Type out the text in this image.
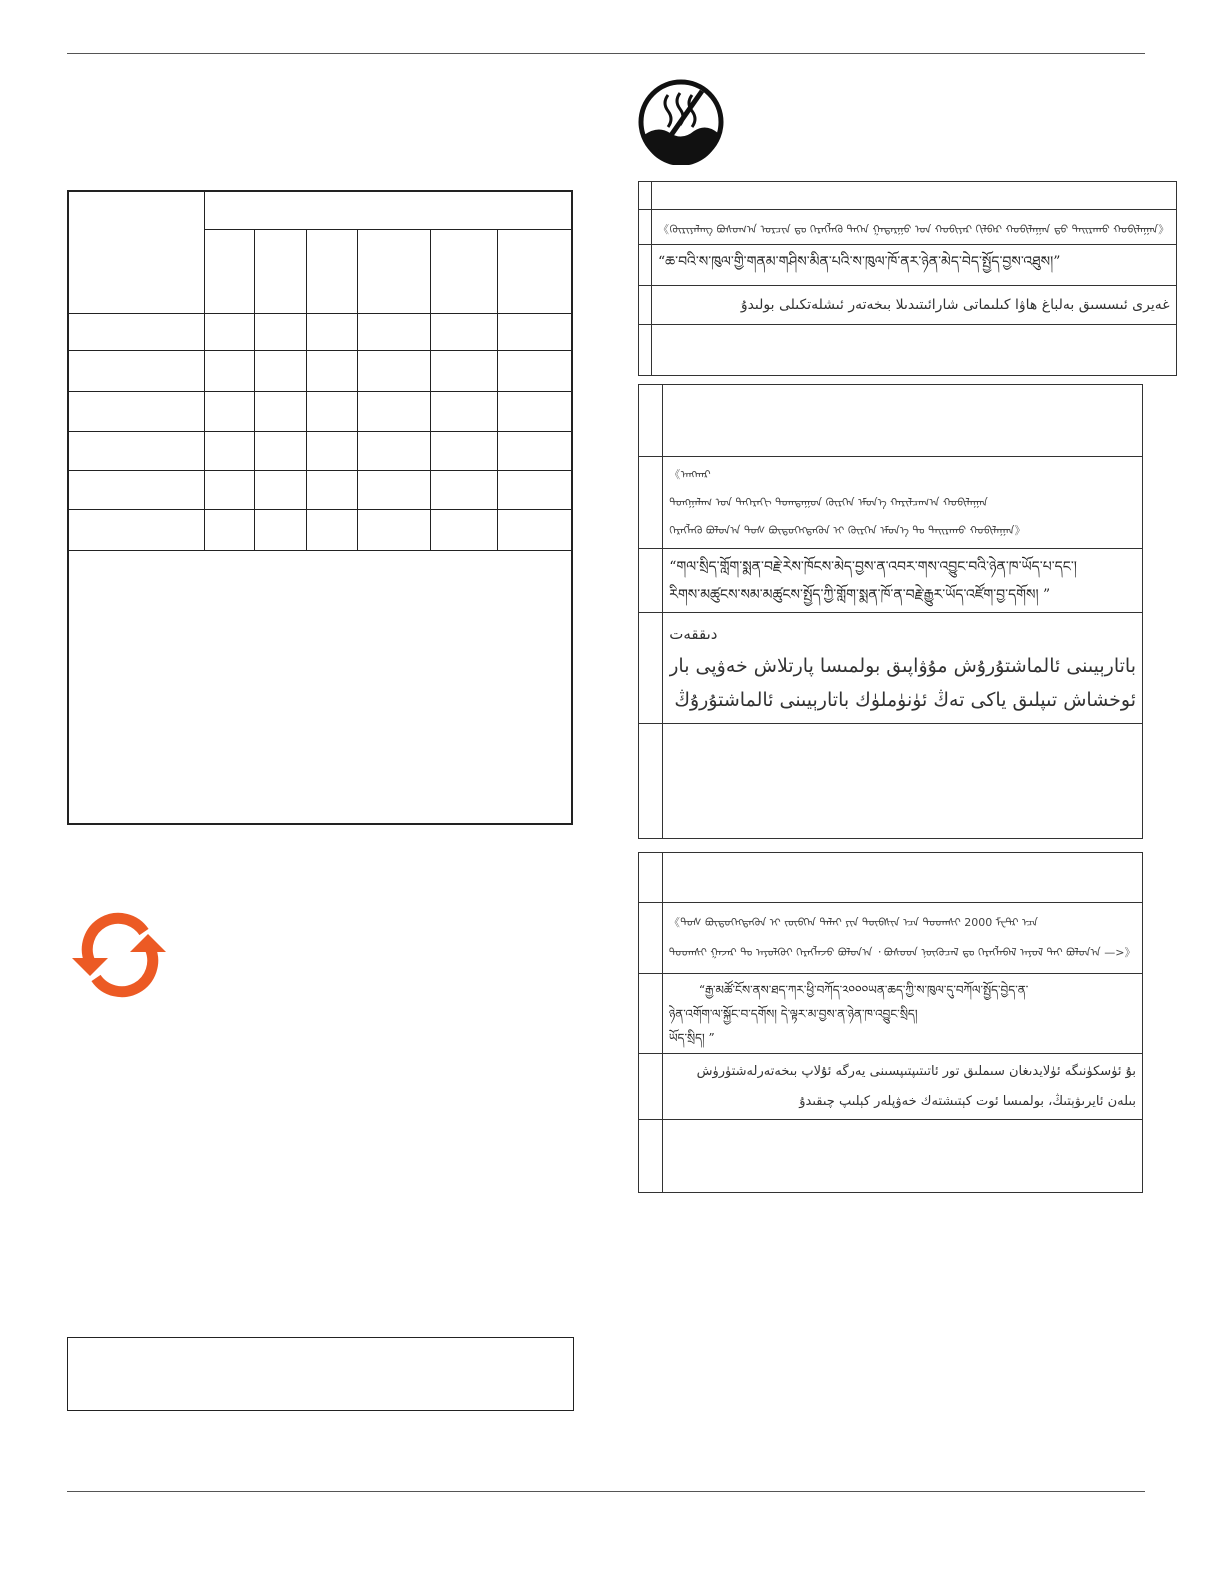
	《ᠬᠦᠷᠢᠶᠡᠯᠡᠩ ᠪᠣᠰᠤᠭ᠎ᠠ ᠤᠷᠴᠢᠨ ᠳᠤ ᠬᠡᠷᠡᠭᠯᠡᠬᠦ ᠳᠡᠭᠡᠨ ᠭᠠᠳᠠᠷᠭᠤ ᠤᠨ ᠬᠤᠪᠢᠶᠠᠷ ᠬᠢᠯᠪᠠᠷ ᠬᠤᠪᠢᠯᠠᠭᠠᠨ ᠳ᠋ᠤ ᠲᠠᠢᠷᠠᠬᠤ ᠬᠤᠪᠢᠯᠠᠭᠠᠨ》

	“ཆ་བའི་ས་ཁུལ་གྱི་གནམ་གཤིས་མིན་པའི་ས་ཁུལ་ཁོ་ནར་ཉེན་མེད་བེད་སྤྱོད་བྱས་འཐུས།”

	غەيرى ئىسسىق بەلباغ ھاۋا كىلىماتى شارائىتىدىلا بىخەتەر ئىشلەتكىلى بولىدۇ

	《ᠠᠩᠬᠠᠷ
ᠲᠤᠩᠭᠠᠯᠠᠭ ᠤᠨ ᠳᠡᠭᠡᠷᠡᠬᠢ ᠲᠣᠭᠲᠠᠭᠤᠨ ᠬᠦᠷᠬᠡᠨ ᠡᠮᠦᠨ᠎ᠡ ᠬᠠᠷᠢᠯᠴᠠᠭ᠎ᠠ ᠬᠤᠪᠢᠯᠠᠭᠠᠨ
ᠬᠡᠷᠡᠭᠯᠡᠬᠦ ᠪᠤᠯᠤᠨ᠎ᠠ ᠲᠤᠰ ᠪᠦᠲᠦᠭᠡᠭᠳᠡᠬᠦᠨ ᠢ ᠬᠦᠷᠬᠡᠨ ᠡᠮᠦᠨ᠎ᠡ ᠲᠤ ᠲᠠᠢᠷᠠᠬᠤ ᠬᠤᠪᠢᠯᠠᠭᠠᠨ》

	“གལ་སྲིད་གློག་སྨན་བརྗེ་རེས་ཁོངས་མེད་བྱས་ན་འབར་གས་འབྱུང་བའི་ཉེན་ཁ་ཡོད་པ་དང་།
རིགས་མཚུངས་སམ་མཚུངས་སྤྱོད་ཀྱི་གློག་སྨན་ཁོ་ན་བརྗེ་རྒྱུར་ཡོད་འཛོག་བྱ་དགོས། ”

	دىققەت
باتارېيىنى ئالماشتۇرۇش مۇۋاپىق بولمىسا پارتلاش خەۋپى بار
ئوخشاش تىپلىق ياكى تەڭ ئۈنۈملۈك باتارېيىنى ئالماشتۇرۇڭ

	《ᠲᠤᠰ ᠪᠦᠲᠦᠭᠡᠭᠳᠡᠬᠦᠨ ᠢ ᠵᠦᠪᠬᠡᠨ ᠳᠠᠯᠠᠢ ᠶᠢᠨ ᠲᠦᠪᠰᠢᠨ ᠡᠴᠡ ᠳᠣᠣᠭᠰᠢ 2000 ᠮᠧᠲ᠋ᠷ ᠡᠴᠡ
ᠳᠣᠣᠭᠰᠢ ᠭᠠᠵᠠᠷ ᠲᠤ ᠠᠶᠤᠯᠭᠦᠢ ᠬᠡᠷᠡᠭᠯᠡᠵᠦ ᠪᠣᠯᠣᠨ᠎ᠠ ᠂ ᠪᠤᠰᠤᠳ ᠨᠥᠬᠦᠴᠡᠯ ᠳᠤ ᠬᠡᠷᠡᠭᠯᠡᠪᠡᠯ ᠠᠶᠤᠯ ᠲᠠᠢ ᠪᠣᠯᠣᠨ᠎ᠠ —>》

	“རྒྱ་མཚོ་ངོས་ནས་ཐད་ཀར་ཕྱི་བཀོད་༢༠༠༠ཡན་ཆད་ཀྱི་ས་ཁུལ་དུ་བཀོལ་སྤྱོད་བྱེད་ན་
ཉེན་འགོག་ལ་སྐྱོང་བ་དགོས། དེ་ལྟར་མ་བྱས་ན་ཉེན་ཁ་འབྱུང་སྲིད།
ཡོད་སྲིད། ”

	بۇ ئۈسكۈنىگە ئۈلايدىغان سىملىق تور ئاتىتىپتىپسىنى يەرگە ئۇلاپ بىخەتەرلەشتۈرۈش
بىلەن ئايرىۋېتىڭ، بولمىسا ئوت كېتىشتەك خەۋپلەر كېلىپ چىقىدۇ
